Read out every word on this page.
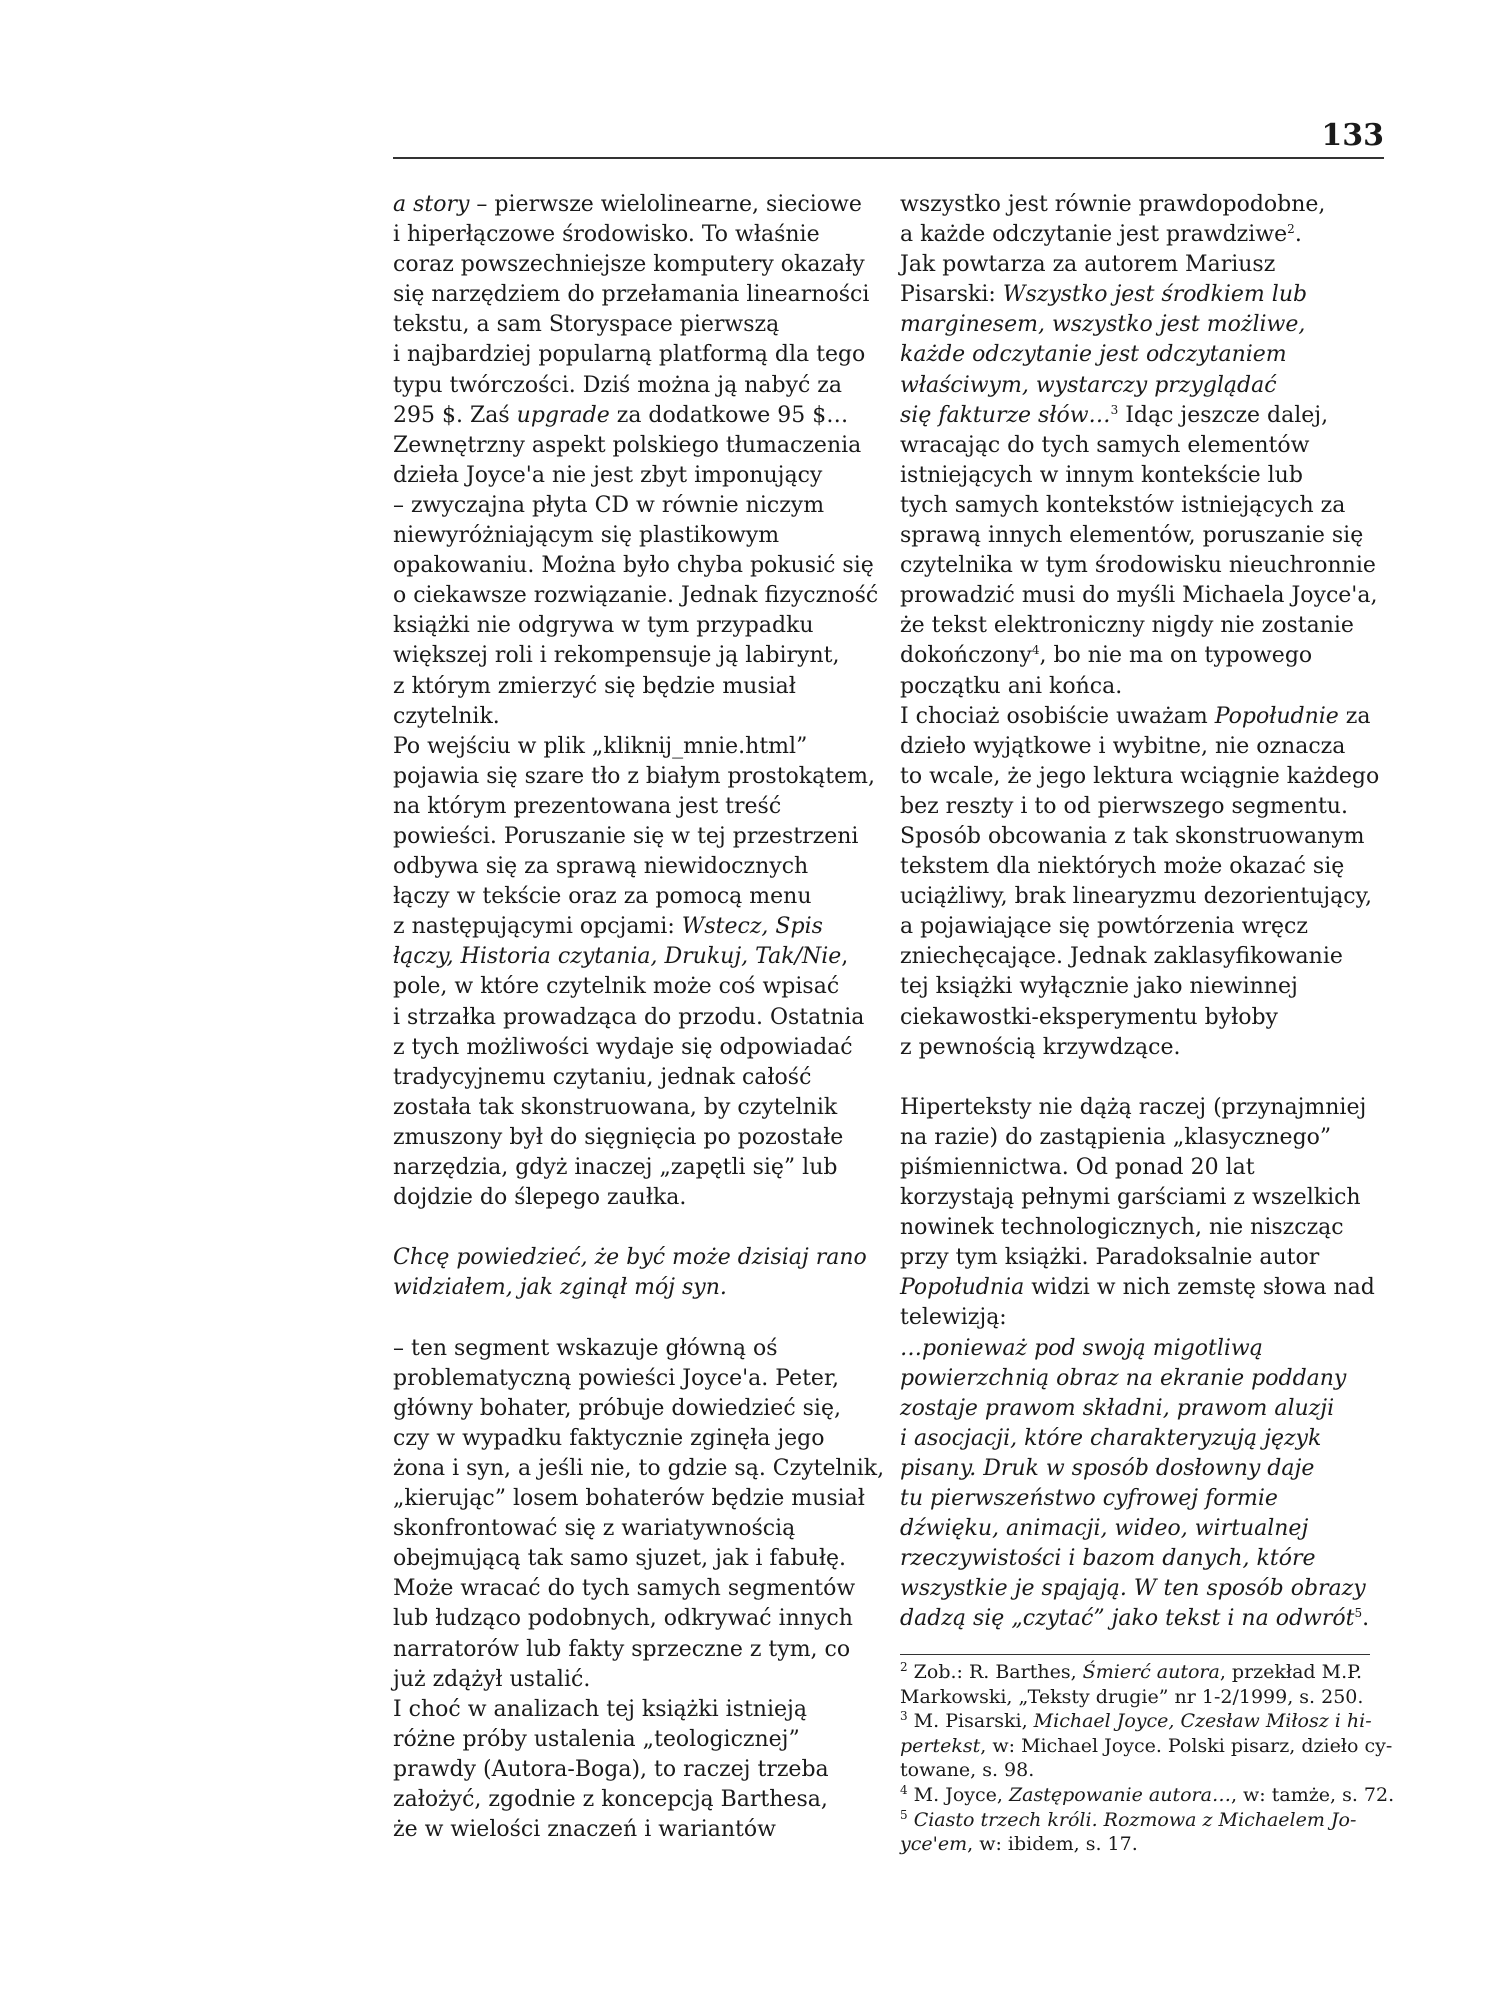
133
a story – pierwsze wielolinearne, sieciowe
i hiperłączowe środowisko. To właśnie
coraz powszechniejsze komputery okazały
się narzędziem do przełamania linearności
tekstu, a sam Storyspace pierwszą
i najbardziej popularną platformą dla tego
typu twórczości. Dziś można ją nabyć za
295 $. Zaś upgrade za dodatkowe 95 $…
Zewnętrzny aspekt polskiego tłumaczenia
dzieła Joyce'a nie jest zbyt imponujący
– zwyczajna płyta CD w równie niczym
niewyróżniającym się plastikowym
opakowaniu. Można było chyba pokusić się
o ciekawsze rozwiązanie. Jednak fizyczność
książki nie odgrywa w tym przypadku
większej roli i rekompensuje ją labirynt,
z którym zmierzyć się będzie musiał
czytelnik.
Po wejściu w plik „kliknij_mnie.html”
pojawia się szare tło z białym prostokątem,
na którym prezentowana jest treść
powieści. Poruszanie się w tej przestrzeni
odbywa się za sprawą niewidocznych
łączy w tekście oraz za pomocą menu
z następującymi opcjami: Wstecz, Spis
łączy, Historia czytania, Drukuj, Tak/Nie,
pole, w które czytelnik może coś wpisać
i strzałka prowadząca do przodu. Ostatnia
z tych możliwości wydaje się odpowiadać
tradycyjnemu czytaniu, jednak całość
została tak skonstruowana, by czytelnik
zmuszony był do sięgnięcia po pozostałe
narzędzia, gdyż inaczej „zapętli się” lub
dojdzie do ślepego zaułka.
Chcę powiedzieć, że być może dzisiaj rano
widziałem, jak zginął mój syn.
– ten segment wskazuje główną oś
problematyczną powieści Joyce'a. Peter,
główny bohater, próbuje dowiedzieć się,
czy w wypadku faktycznie zginęła jego
żona i syn, a jeśli nie, to gdzie są. Czytelnik,
„kierując” losem bohaterów będzie musiał
skonfrontować się z wariatywnością
obejmującą tak samo sjuzet, jak i fabułę.
Może wracać do tych samych segmentów
lub łudząco podobnych, odkrywać innych
narratorów lub fakty sprzeczne z tym, co
już zdążył ustalić.
I choć w analizach tej książki istnieją
różne próby ustalenia „teologicznej”
prawdy (Autora-Boga), to raczej trzeba
założyć, zgodnie z koncepcją Barthesa,
że w wielości znaczeń i wariantów
wszystko jest równie prawdopodobne,
a każde odczytanie jest prawdziwe$^2$.
Jak powtarza za autorem Mariusz
Pisarski: Wszystko jest środkiem lub
marginesem, wszystko jest możliwe,
każde odczytanie jest odczytaniem
właściwym, wystarczy przyglądać
się fakturze słów…$^3$ Idąc jeszcze dalej,
wracając do tych samych elementów
istniejących w innym kontekście lub
tych samych kontekstów istniejących za
sprawą innych elementów, poruszanie się
czytelnika w tym środowisku nieuchronnie
prowadzić musi do myśli Michaela Joyce'a,
że tekst elektroniczny nigdy nie zostanie
dokończony$^4$, bo nie ma on typowego
początku ani końca.
I chociaż osobiście uważam Popołudnie za
dzieło wyjątkowe i wybitne, nie oznacza
to wcale, że jego lektura wciągnie każdego
bez reszty i to od pierwszego segmentu.
Sposób obcowania z tak skonstruowanym
tekstem dla niektórych może okazać się
uciążliwy, brak linearyzmu dezorientujący,
a pojawiające się powtórzenia wręcz
zniechęcające. Jednak zaklasyfikowanie
tej książki wyłącznie jako niewinnej
ciekawostki-eksperymentu byłoby
z pewnością krzywdzące.
Hiperteksty nie dążą raczej (przynajmniej
na razie) do zastąpienia „klasycznego”
piśmiennictwa. Od ponad 20 lat
korzystają pełnymi garściami z wszelkich
nowinek technologicznych, nie niszcząc
przy tym książki. Paradoksalnie autor
Popołudnia widzi w nich zemstę słowa nad
telewizją:
…ponieważ pod swoją migotliwą
powierzchnią obraz na ekranie poddany
zostaje prawom składni, prawom aluzji
i asocjacji, które charakteryzują język
pisany. Druk w sposób dosłowny daje
tu pierwszeństwo cyfrowej formie
dźwięku, animacji, wideo, wirtualnej
rzeczywistości i bazom danych, które
wszystkie je spajają. W ten sposób obrazy
dadzą się „czytać” jako tekst i na odwrót$^5$.
$^2$ Zob.: R. Barthes, Śmierć autora, przekład M.P.
Markowski, „Teksty drugie” nr 1-2/1999, s. 250.
$^3$ M. Pisarski, Michael Joyce, Czesław Miłosz i hi-
pertekst, w: Michael Joyce. Polski pisarz, dzieło cy-
towane, s. 98.
$^4$ M. Joyce, Zastępowanie autora…, w: tamże, s. 72.
$^5$ Ciasto trzech króli. Rozmowa z Michaelem Jo-
yce'em, w: ibidem, s. 17.
